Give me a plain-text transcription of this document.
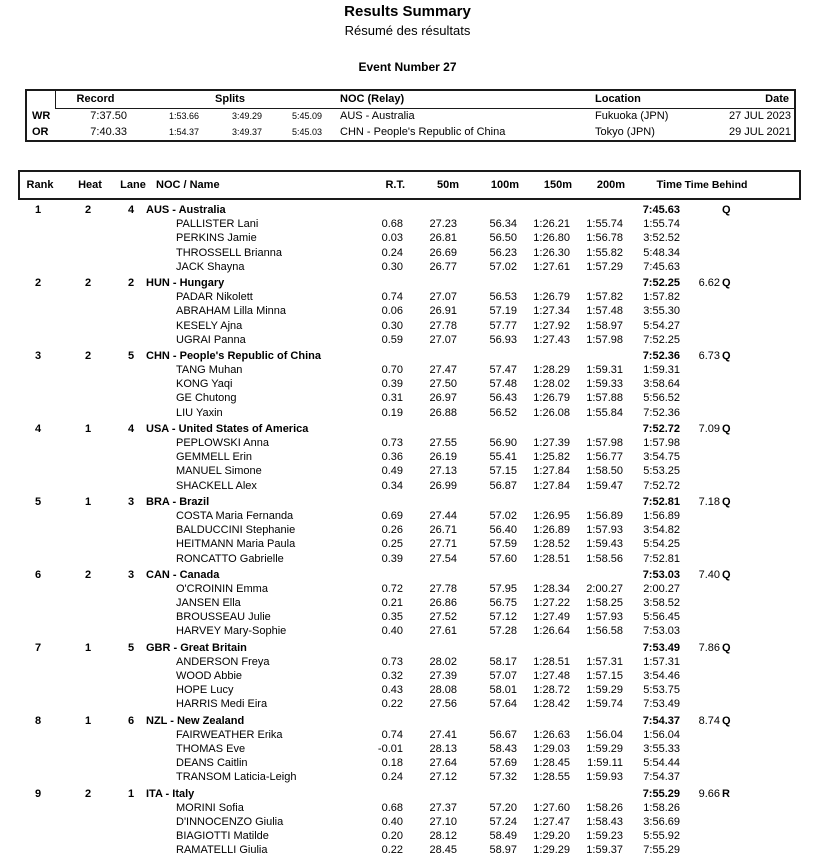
Results Summary
Résumé des résultats
Event Number 27
Record	Splits	NOC (Relay)	Location	Date
WR	7:37.50	1:53.66	3:49.29	5:45.09	AUS - Australia	Fukuoka (JPN)	27 JUL 2023
OR	7:40.33	1:54.37	3:49.37	5:45.03	CHN - People's Republic of China	Tokyo (JPN)	29 JUL 2021
Rank	Heat	Lane NOC / Name	R.T.	50m	100m	150m	200m	Time Time Behind
1	2	4	AUS - Australia	7:45.63	Q
PALLISTER Lani	0.68	27.23	56.34	1:26.21	1:55.74	1:55.74
PERKINS Jamie	0.03	26.81	56.50	1:26.80	1:56.78	3:52.52
THROSSELL Brianna	0.24	26.69	56.23	1:26.30	1:55.82	5:48.34
JACK Shayna	0.30	26.77	57.02	1:27.61	1:57.29	7:45.63
2	2	2	HUN - Hungary	7:52.25	6.62 Q
PADAR Nikolett	0.74	27.07	56.53	1:26.79	1:57.82	1:57.82
ABRAHAM Lilla Minna	0.06	26.91	57.19	1:27.34	1:57.48	3:55.30
KESELY Ajna	0.30	27.78	57.77	1:27.92	1:58.97	5:54.27
UGRAI Panna	0.59	27.07	56.93	1:27.43	1:57.98	7:52.25
3	2	5	CHN - People's Republic of China	7:52.36	6.73 Q
TANG Muhan	0.70	27.47	57.47	1:28.29	1:59.31	1:59.31
KONG Yaqi	0.39	27.50	57.48	1:28.02	1:59.33	3:58.64
GE Chutong	0.31	26.97	56.43	1:26.79	1:57.88	5:56.52
LIU Yaxin	0.19	26.88	56.52	1:26.08	1:55.84	7:52.36
4	1	4	USA - United States of America	7:52.72	7.09 Q
PEPLOWSKI Anna	0.73	27.55	56.90	1:27.39	1:57.98	1:57.98
GEMMELL Erin	0.36	26.19	55.41	1:25.82	1:56.77	3:54.75
MANUEL Simone	0.49	27.13	57.15	1:27.84	1:58.50	5:53.25
SHACKELL Alex	0.34	26.99	56.87	1:27.84	1:59.47	7:52.72
5	1	3	BRA - Brazil	7:52.81	7.18 Q
COSTA Maria Fernanda	0.69	27.44	57.02	1:26.95	1:56.89	1:56.89
BALDUCCINI Stephanie	0.26	26.71	56.40	1:26.89	1:57.93	3:54.82
HEITMANN Maria Paula	0.25	27.71	57.59	1:28.52	1:59.43	5:54.25
RONCATTO Gabrielle	0.39	27.54	57.60	1:28.51	1:58.56	7:52.81
6	2	3	CAN - Canada	7:53.03	7.40 Q
O'CROININ Emma	0.72	27.78	57.95	1:28.34	2:00.27	2:00.27
JANSEN Ella	0.21	26.86	56.75	1:27.22	1:58.25	3:58.52
BROUSSEAU Julie	0.35	27.52	57.12	1:27.49	1:57.93	5:56.45
HARVEY Mary-Sophie	0.40	27.61	57.28	1:26.64	1:56.58	7:53.03
7	1	5	GBR - Great Britain	7:53.49	7.86 Q
ANDERSON Freya	0.73	28.02	58.17	1:28.51	1:57.31	1:57.31
WOOD Abbie	0.32	27.39	57.07	1:27.48	1:57.15	3:54.46
HOPE Lucy	0.43	28.08	58.01	1:28.72	1:59.29	5:53.75
HARRIS Medi Eira	0.22	27.56	57.64	1:28.42	1:59.74	7:53.49
8	1	6	NZL - New Zealand	7:54.37	8.74 Q
FAIRWEATHER Erika	0.74	27.41	56.67	1:26.63	1:56.04	1:56.04
THOMAS Eve	-0.01	28.13	58.43	1:29.03	1:59.29	3:55.33
DEANS Caitlin	0.18	27.64	57.69	1:28.45	1:59.11	5:54.44
TRANSOM Laticia-Leigh	0.24	27.12	57.32	1:28.55	1:59.93	7:54.37
9	2	1	ITA - Italy	7:55.29	9.66 R
MORINI Sofia	0.68	27.37	57.20	1:27.60	1:58.26	1:58.26
D'INNOCENZO Giulia	0.40	27.10	57.24	1:27.47	1:58.43	3:56.69
BIAGIOTTI Matilde	0.20	28.12	58.49	1:29.20	1:59.23	5:55.92
RAMATELLI Giulia	0.22	28.45	58.97	1:29.29	1:59.37	7:55.29
